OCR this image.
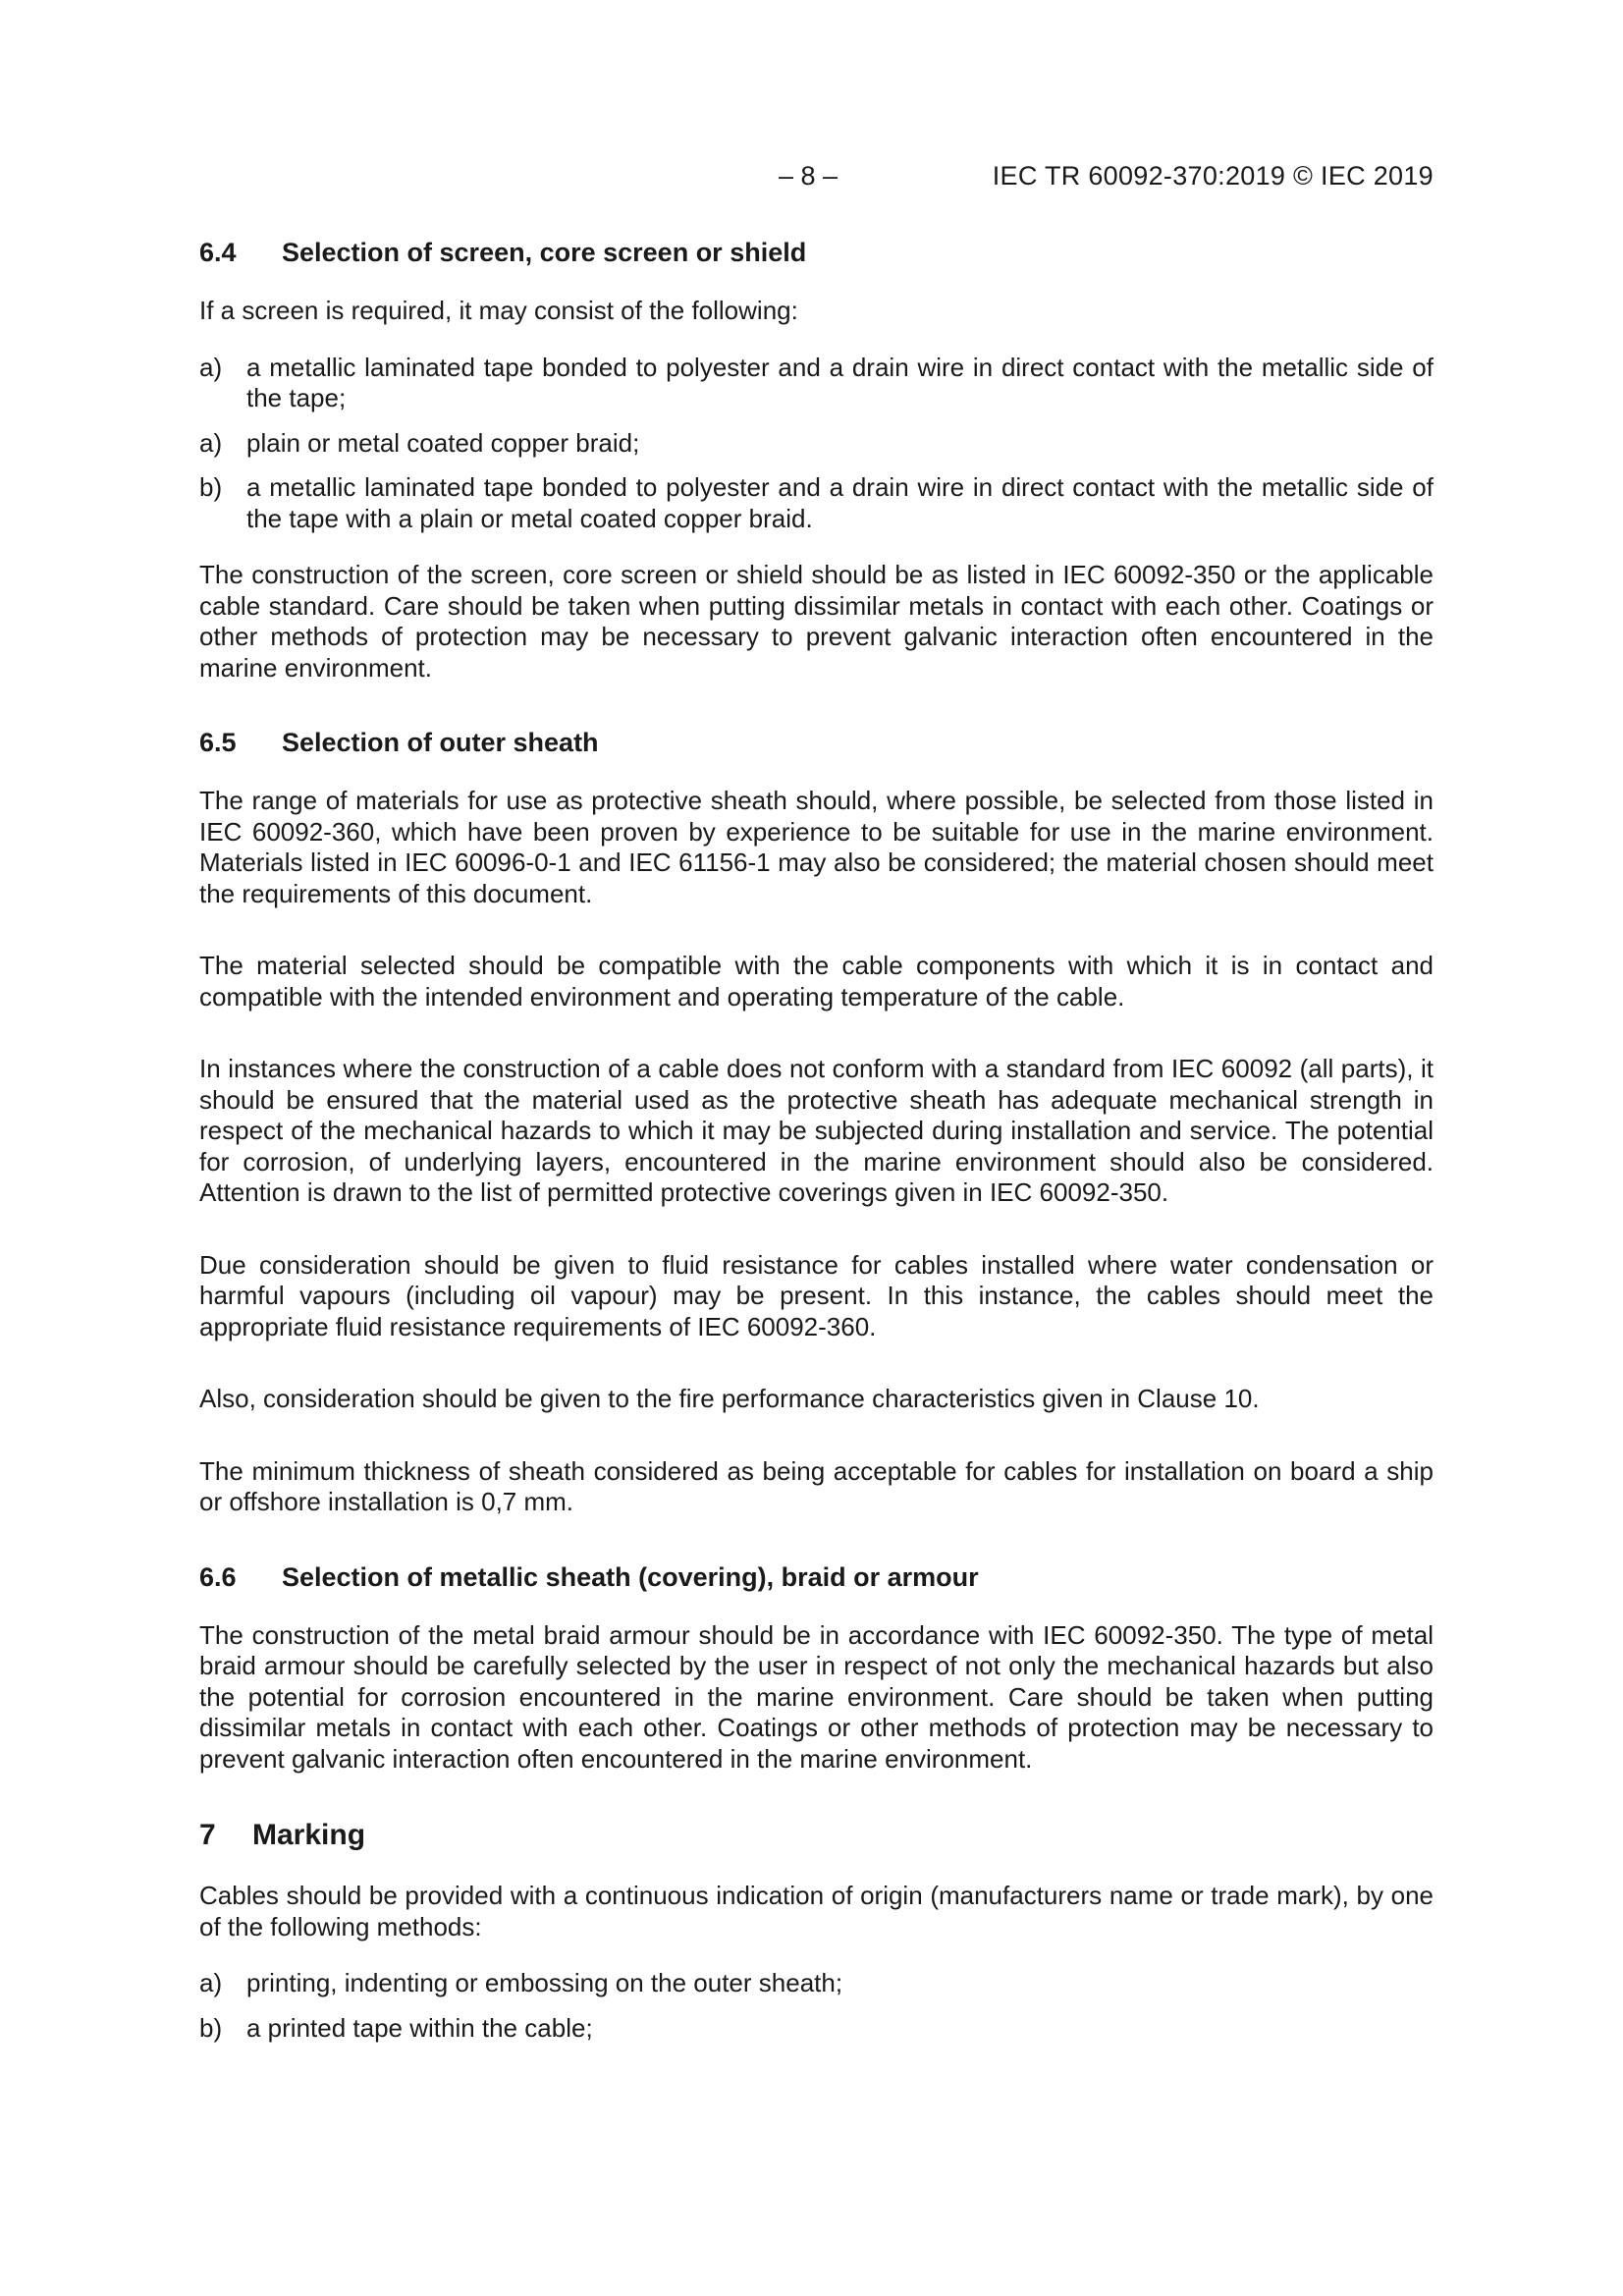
– 8 –	IEC TR 60092-370:2019 © IEC 2019
6.4	Selection of screen, core screen or shield

If a screen is required, it may consist of the following:

a) a metallic laminated tape bonded to polyester and a drain wire in direct contact with the metallic side of the tape;
a) plain or metal coated copper braid;
b) a metallic laminated tape bonded to polyester and a drain wire in direct contact with the metallic side of the tape with a plain or metal coated copper braid.

The construction of the screen, core screen or shield should be as listed in IEC 60092-350 or the applicable cable standard. Care should be taken when putting dissimilar metals in contact with each other. Coatings or other methods of protection may be necessary to prevent galvanic interaction often encountered in the marine environment.

6.5	Selection of outer sheath

The range of materials for use as protective sheath should, where possible, be selected from those listed in IEC 60092-360, which have been proven by experience to be suitable for use in the marine environment. Materials listed in IEC 60096-0-1 and IEC 61156-1 may also be considered; the material chosen should meet the requirements of this document.

The material selected should be compatible with the cable components with which it is in contact and compatible with the intended environment and operating temperature of the cable.

In instances where the construction of a cable does not conform with a standard from IEC 60092 (all parts), it should be ensured that the material used as the protective sheath has adequate mechanical strength in respect of the mechanical hazards to which it may be subjected during installation and service. The potential for corrosion, of underlying layers, encountered in the marine environment should also be considered. Attention is drawn to the list of permitted protective coverings given in IEC 60092-350.

Due consideration should be given to fluid resistance for cables installed where water condensation or harmful vapours (including oil vapour) may be present. In this instance, the cables should meet the appropriate fluid resistance requirements of IEC 60092-360.

Also, consideration should be given to the fire performance characteristics given in Clause 10.

The minimum thickness of sheath considered as being acceptable for cables for installation on board a ship or offshore installation is 0,7 mm.

6.6	Selection of metallic sheath (covering), braid or armour

The construction of the metal braid armour should be in accordance with IEC 60092-350. The type of metal braid armour should be carefully selected by the user in respect of not only the mechanical hazards but also the potential for corrosion encountered in the marine environment. Care should be taken when putting dissimilar metals in contact with each other. Coatings or other methods of protection may be necessary to prevent galvanic interaction often encountered in the marine environment.

7	Marking

Cables should be provided with a continuous indication of origin (manufacturers name or trade mark), by one of the following methods:

a) printing, indenting or embossing on the outer sheath;
b) a printed tape within the cable;
